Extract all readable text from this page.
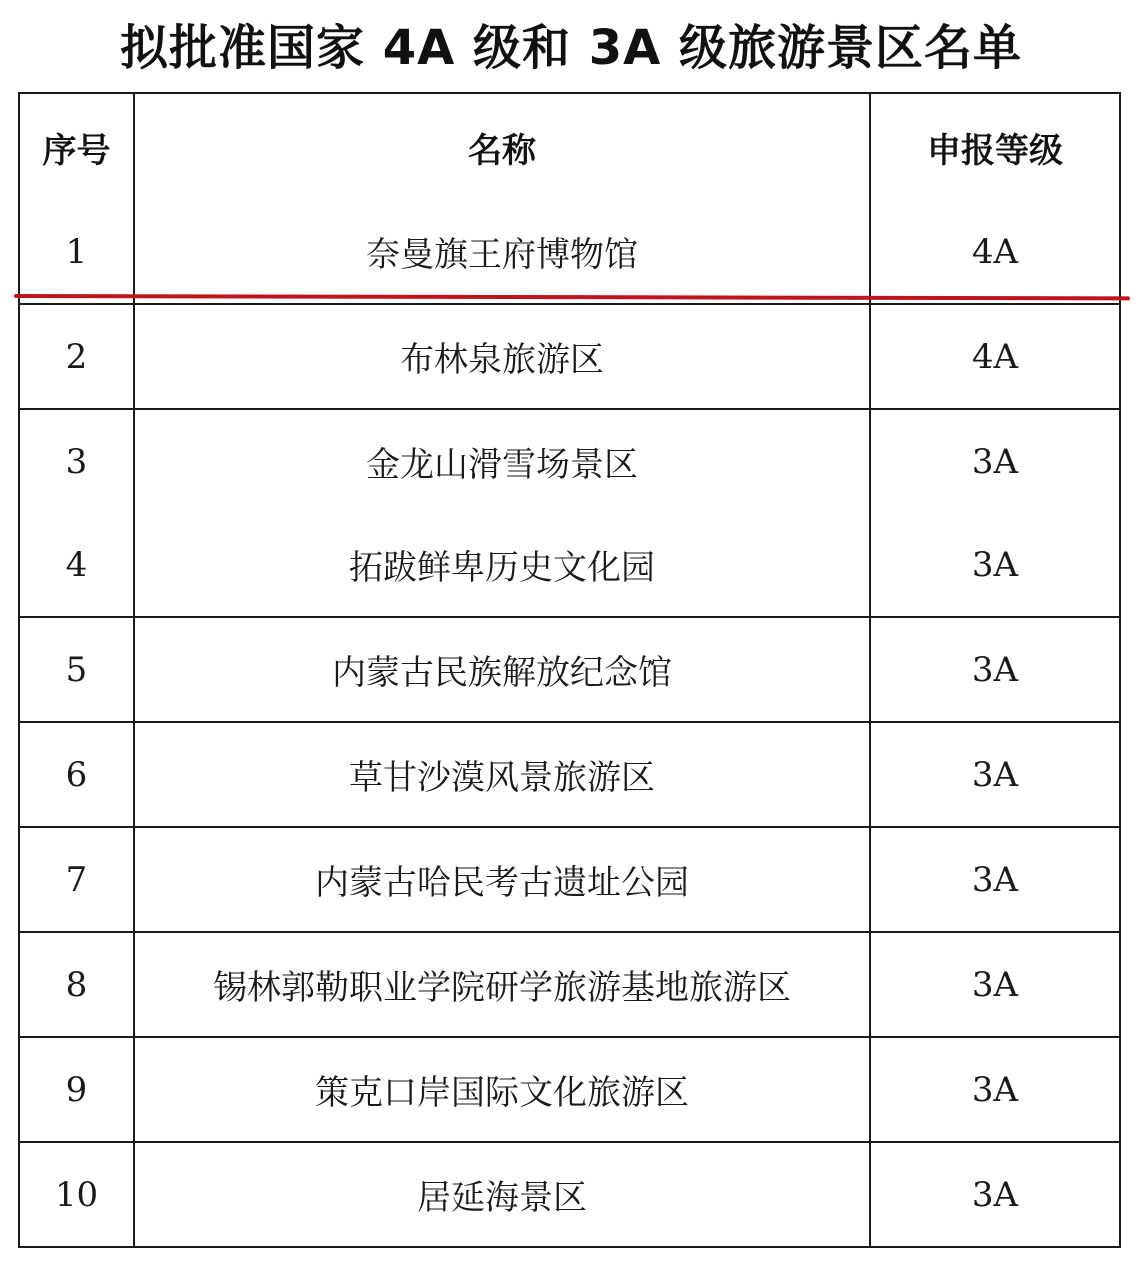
拟批准国家 4A 级和 3A 级旅游景区名单
序号	名称	申报等级
1	奈曼旗王府博物馆	4A
2	布林泉旅游区	4A
3	金龙山滑雪场景区	3A
4	拓跋鲜卑历史文化园	3A
5	内蒙古民族解放纪念馆	3A
6	草甘沙漠风景旅游区	3A
7	内蒙古哈民考古遗址公园	3A
8	锡林郭勒职业学院研学旅游基地旅游区	3A
9	策克口岸国际文化旅游区	3A
10	居延海景区	3A
